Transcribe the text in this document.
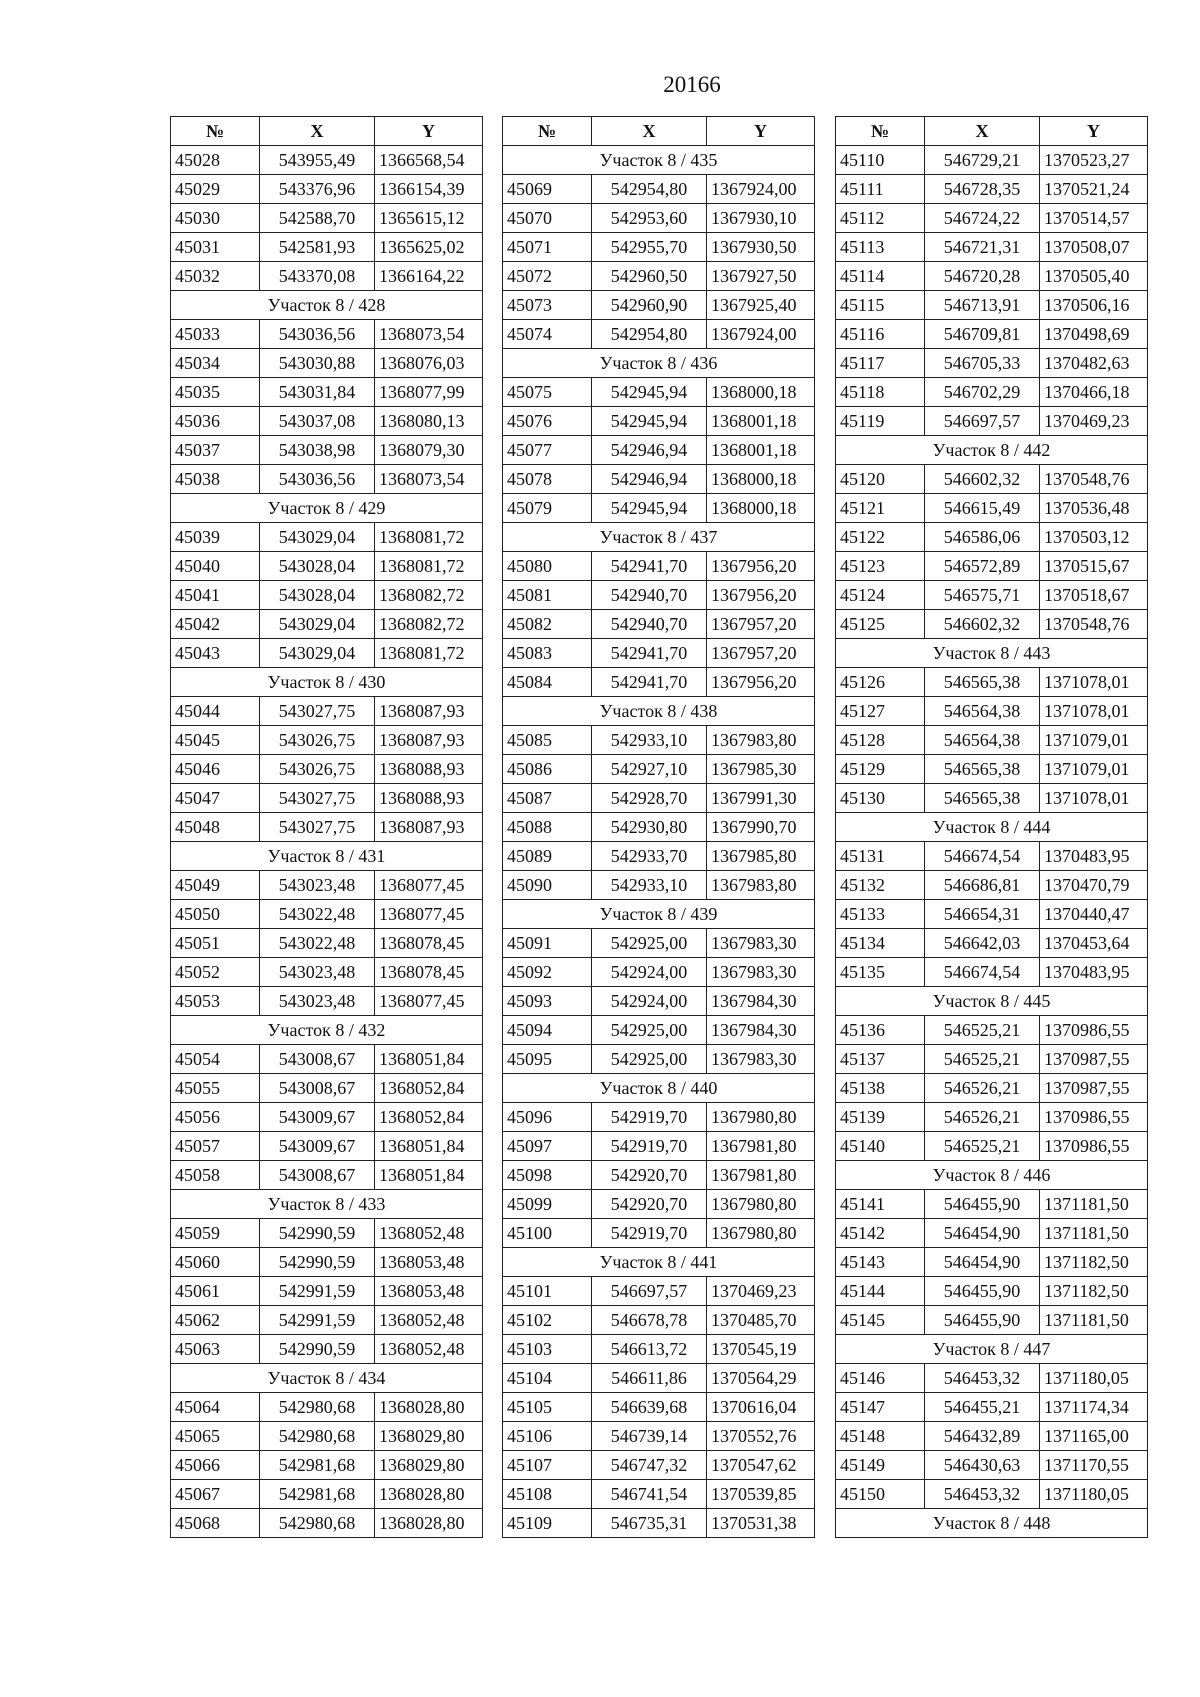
20166
№	X	Y
45028	543955,49	1366568,54
45029	543376,96	1366154,39
45030	542588,70	1365615,12
45031	542581,93	1365625,02
45032	543370,08	1366164,22
Участок 8 / 428		
45033	543036,56	1368073,54
45034	543030,88	1368076,03
45035	543031,84	1368077,99
45036	543037,08	1368080,13
45037	543038,98	1368079,30
45038	543036,56	1368073,54
Участок 8 / 429		
45039	543029,04	1368081,72
45040	543028,04	1368081,72
45041	543028,04	1368082,72
45042	543029,04	1368082,72
45043	543029,04	1368081,72
Участок 8 / 430		
45044	543027,75	1368087,93
45045	543026,75	1368087,93
45046	543026,75	1368088,93
45047	543027,75	1368088,93
45048	543027,75	1368087,93
Участок 8 / 431		
45049	543023,48	1368077,45
45050	543022,48	1368077,45
45051	543022,48	1368078,45
45052	543023,48	1368078,45
45053	543023,48	1368077,45
Участок 8 / 432		
45054	543008,67	1368051,84
45055	543008,67	1368052,84
45056	543009,67	1368052,84
45057	543009,67	1368051,84
45058	543008,67	1368051,84
Участок 8 / 433		
45059	542990,59	1368052,48
45060	542990,59	1368053,48
45061	542991,59	1368053,48
45062	542991,59	1368052,48
45063	542990,59	1368052,48
Участок 8 / 434		
45064	542980,68	1368028,80
45065	542980,68	1368029,80
45066	542981,68	1368029,80
45067	542981,68	1368028,80
45068	542980,68	1368028,80
№	X	Y
Участок 8 / 435		
45069	542954,80	1367924,00
45070	542953,60	1367930,10
45071	542955,70	1367930,50
45072	542960,50	1367927,50
45073	542960,90	1367925,40
45074	542954,80	1367924,00
Участок 8 / 436		
45075	542945,94	1368000,18
45076	542945,94	1368001,18
45077	542946,94	1368001,18
45078	542946,94	1368000,18
45079	542945,94	1368000,18
Участок 8 / 437		
45080	542941,70	1367956,20
45081	542940,70	1367956,20
45082	542940,70	1367957,20
45083	542941,70	1367957,20
45084	542941,70	1367956,20
Участок 8 / 438		
45085	542933,10	1367983,80
45086	542927,10	1367985,30
45087	542928,70	1367991,30
45088	542930,80	1367990,70
45089	542933,70	1367985,80
45090	542933,10	1367983,80
Участок 8 / 439		
45091	542925,00	1367983,30
45092	542924,00	1367983,30
45093	542924,00	1367984,30
45094	542925,00	1367984,30
45095	542925,00	1367983,30
Участок 8 / 440		
45096	542919,70	1367980,80
45097	542919,70	1367981,80
45098	542920,70	1367981,80
45099	542920,70	1367980,80
45100	542919,70	1367980,80
Участок 8 / 441		
45101	546697,57	1370469,23
45102	546678,78	1370485,70
45103	546613,72	1370545,19
45104	546611,86	1370564,29
45105	546639,68	1370616,04
45106	546739,14	1370552,76
45107	546747,32	1370547,62
45108	546741,54	1370539,85
45109	546735,31	1370531,38
№	X	Y
45110	546729,21	1370523,27
45111	546728,35	1370521,24
45112	546724,22	1370514,57
45113	546721,31	1370508,07
45114	546720,28	1370505,40
45115	546713,91	1370506,16
45116	546709,81	1370498,69
45117	546705,33	1370482,63
45118	546702,29	1370466,18
45119	546697,57	1370469,23
Участок 8 / 442		
45120	546602,32	1370548,76
45121	546615,49	1370536,48
45122	546586,06	1370503,12
45123	546572,89	1370515,67
45124	546575,71	1370518,67
45125	546602,32	1370548,76
Участок 8 / 443		
45126	546565,38	1371078,01
45127	546564,38	1371078,01
45128	546564,38	1371079,01
45129	546565,38	1371079,01
45130	546565,38	1371078,01
Участок 8 / 444		
45131	546674,54	1370483,95
45132	546686,81	1370470,79
45133	546654,31	1370440,47
45134	546642,03	1370453,64
45135	546674,54	1370483,95
Участок 8 / 445		
45136	546525,21	1370986,55
45137	546525,21	1370987,55
45138	546526,21	1370987,55
45139	546526,21	1370986,55
45140	546525,21	1370986,55
Участок 8 / 446		
45141	546455,90	1371181,50
45142	546454,90	1371181,50
45143	546454,90	1371182,50
45144	546455,90	1371182,50
45145	546455,90	1371181,50
Участок 8 / 447		
45146	546453,32	1371180,05
45147	546455,21	1371174,34
45148	546432,89	1371165,00
45149	546430,63	1371170,55
45150	546453,32	1371180,05
Участок 8 / 448		
